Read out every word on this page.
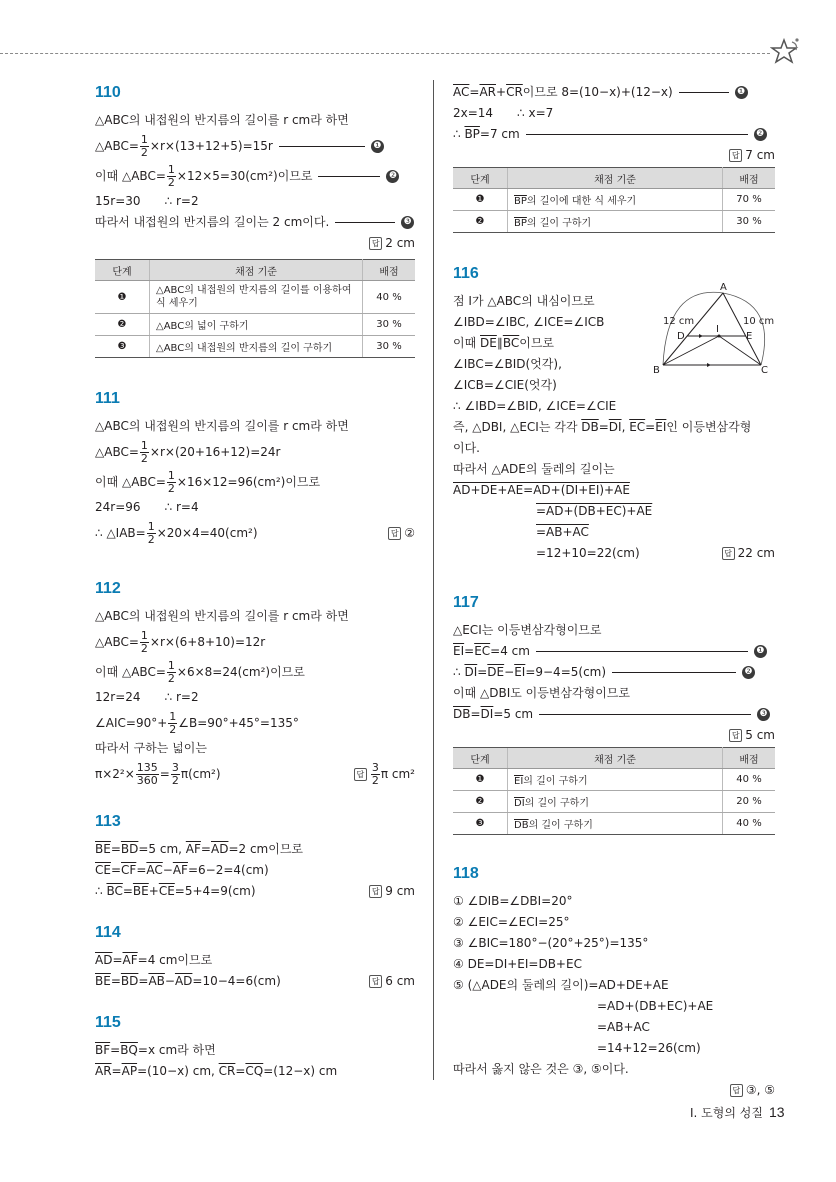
110
△ABC의 내접원의 반지름의 길이를 r cm라 하면
△ABC= $\frac{1}{2} \times r\times(13+12+5)=15r$	❶
이때 △ABC= $\frac{1}{2} \times 12\times 5=30(cm^2)$이므로	❷
15r=30　　∴ r=2
따라서 내접원의 반지름의 길이는 2 cm이다.	❸
답 2 cm
단계	채점 기준	배점
❶	△ABC의 내접원의 반지름의 길이를 이용하여 식 세우기	40 %
❷	△ABC의 넓이 구하기	30 %
❸	△ABC의 내접원의 반지름의 길이 구하기	30 %
111
△ABC의 내접원의 반지름의 길이를 r cm라 하면
△ABC= $\frac{1}{2} \times r\times(20+16+12)=24r$
이때 △ABC= $\frac{1}{2} \times 16\times 12=96(cm^2)$이므로
24r=96　　∴ r=4
∴ △IAB= $\frac{1}{2} \times 20\times 4=40(cm^2)$	답 ②
112
△ABC의 내접원의 반지름의 길이를 r cm라 하면
△ABC= $\frac{1}{2} \times r\times(6+8+10)=12r$
이때 △ABC= $\frac{1}{2} \times 6\times 8=24(cm^2)$이므로
12r=24　　∴ r=2
∠AIC=90°+ $\frac{1}{2}$ ∠B=90°+45°=135°
따라서 구하는 넓이는
$\pi\times 2^2\times \frac{135}{360} = \frac{3}{2} \pi(cm^2)$	답 $\frac{3}{2}$ π cm²
113
$\overline{BE}=\overline{BD}=5$ cm, $\overline{AF}=\overline{AD}=2$ cm이므로
$\overline{CE}=\overline{CF}=\overline{AC}-\overline{AF}=6-2=4(cm)$
∴ $\overline{BC}=\overline{BE}+\overline{CE}=5+4=9(cm)$	답 9 cm
114
$\overline{AD}=\overline{AF}=4$ cm이므로
$\overline{BE}=\overline{BD}=\overline{AB}-\overline{AD}=10-4=6(cm)$	답 6 cm
115
$\overline{BF}=\overline{BQ}=x$ cm라 하면
$\overline{AR}=\overline{AP}=(10-x)$ cm, $\overline{CR}=\overline{CQ}=(12-x)$ cm
$\overline{AC}=\overline{AR}+\overline{CR}$이므로 8=(10−x)+(12−x)	❶
2x=14　　∴ x=7
∴ $\overline{BP}=7$ cm	❷
답 7 cm
단계	채점 기준	배점
❶	$\overline{BP}$의 길이에 대한 식 세우기	70 %
❷	$\overline{BP}$의 길이 구하기	30 %
116
점 I가 △ABC의 내심이므로
∠IBD=∠IBC, ∠ICE=∠ICB
이때 $\overline{DE}\parallel\overline{BC}$이므로
∠IBC=∠BID(엇각),
∠ICB=∠CIE(엇각)
∴ ∠IBD=∠BID, ∠ICE=∠CIE
즉, △DBI, △ECI는 각각 $\overline{DB}=\overline{DI}$, $\overline{EC}=\overline{EI}$인 이등변삼각형
이다.
따라서 △ADE의 둘레의 길이는
AD+DE+AE=AD+(DI+EI)+AE
=AD+(DB+EC)+AE
=AB+AC
=12+10=22(cm)	답 22 cm
A
B	C
D	E
I
12 cm	10 cm
117
△ECI는 이등변삼각형이므로
$\overline{EI}=\overline{EC}=4$ cm	❶
∴ $\overline{DI}=\overline{DE}-\overline{EI}=9-4=5(cm)$	❷
이때 △DBI도 이등변삼각형이므로
$\overline{DB}=\overline{DI}=5$ cm	❸
답 5 cm
단계	채점 기준	배점
❶	$\overline{EI}$의 길이 구하기	40 %
❷	$\overline{DI}$의 길이 구하기	20 %
❸	$\overline{DB}$의 길이 구하기	40 %
118
① ∠DIB=∠DBI=20°
② ∠EIC=∠ECI=25°
③ ∠BIC=180°−(20°+25°)=135°
④ DE=DI+EI=DB+EC
⑤ (△ADE의 둘레의 길이)=AD+DE+AE
=AD+(DB+EC)+AE
=AB+AC
=14+12=26(cm)
따라서 옳지 않은 것은 ③, ⑤이다.
답 ③, ⑤
Ⅰ. 도형의 성질 13
